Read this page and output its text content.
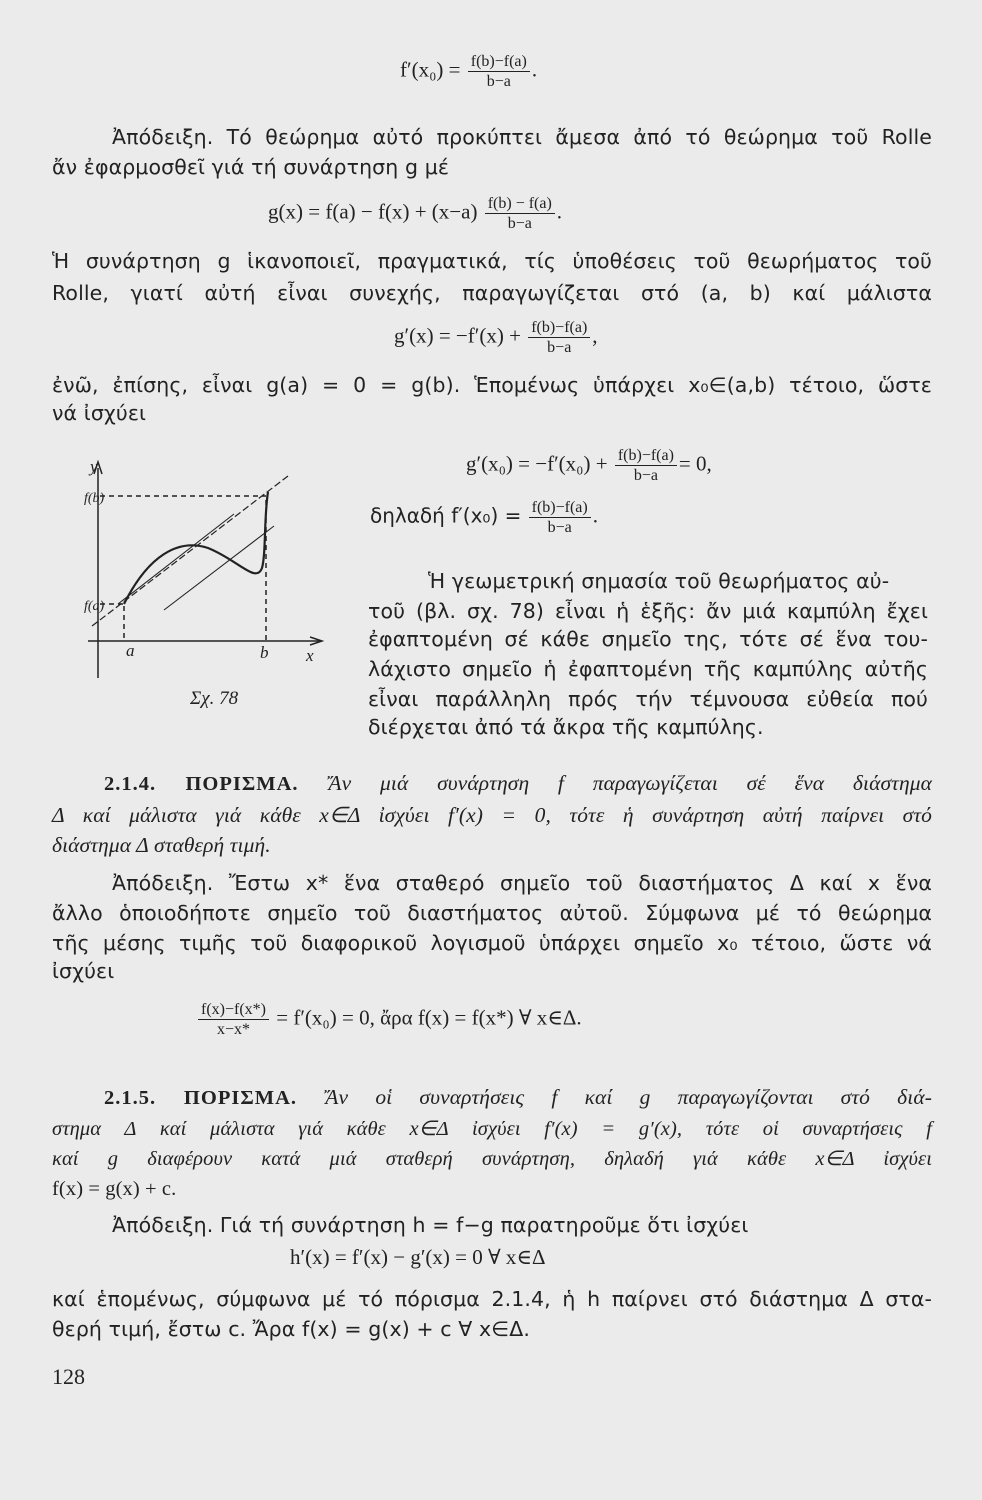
$f'(x_0) = \frac{f(b)-f(a)}{b-a}$ .
Ἀπόδειξη. Τό θεώρημα αὐτό προκύπτει ἄμεσα ἀπό τό θεώρημα τοῦ Rolle
ἄν ἐφαρμοσθεῖ γιά τή συνάρτηση g μέ
$g(x) = f(a) - f(x) + (x-a) \frac{f(b) - f(a)}{b-a}$ .
Ἡ συνάρτηση g ἱκανοποιεῖ, πραγματικά, τίς ὑποθέσεις τοῦ θεωρήματος τοῦ
Rolle, γιατί αὐτή εἶναι συνεχής, παραγωγίζεται στό (a, b) καί μάλιστα
$g'(x) = -f'(x) + \frac{f(b)-f(a)}{b-a}$ ,
ἐνῶ, ἐπίσης, εἶναι g(a) = 0 = g(b). Ἑπομένως ὑπάρχει x₀∈(a,b) τέτοιο, ὥστε
νά ἰσχύει
$g'(x_0) = -f'(x_0) + \frac{f(b)-f(a)}{b-a} = 0$,
δηλαδή $f'(x_0) = \frac{f(b)-f(a)}{b-a}$ .
Ἡ γεωμετρική σημασία τοῦ θεωρήματος αὐ-
τοῦ (βλ. σχ. 78) εἶναι ἡ ἑξῆς: ἄν μιά καμπύλη ἔχει
ἐφαπτομένη σέ κάθε σημεῖο της, τότε σέ ἕνα του-
λάχιστο σημεῖο ἡ ἐφαπτομένη τῆς καμπύλης αὐτῆς
εἶναι παράλληλη πρός τήν τέμνουσα εὐθεία πού
διέρχεται ἀπό τά ἄκρα τῆς καμπύλης.
y
x
f(b)
f(a)
a	b
Σχ. 78
2.1.4. ΠΟΡΙΣΜΑ. Ἄν μιά συνάρτηση f παραγωγίζεται σέ ἕνα διάστημα
Δ καί μάλιστα γιά κάθε x∈Δ ἰσχύει f′(x) = 0, τότε ἡ συνάρτηση αὐτή παίρνει στό
διάστημα Δ σταθερή τιμή.
Ἀπόδειξη. Ἔστω x* ἕνα σταθερό σημεῖο τοῦ διαστήματος Δ καί x ἕνα
ἄλλο ὁποιοδήποτε σημεῖο τοῦ διαστήματος αὐτοῦ. Σύμφωνα μέ τό θεώρημα
τῆς μέσης τιμῆς τοῦ διαφορικοῦ λογισμοῦ ὑπάρχει σημεῖο x₀ τέτοιο, ὥστε νά
ἰσχύει
$\frac{f(x)-f(x*)}{x-x*} = f'(x_0) = 0$, ἄρα f(x) = f(x*) ∀ x∈Δ.
2.1.5. ΠΟΡΙΣΜΑ. Ἄν οἱ συναρτήσεις f καί g παραγωγίζονται στό διά-
στημα Δ καί μάλιστα γιά κάθε x∈Δ ἰσχύει f′(x) = g′(x), τότε οἱ συναρτήσεις f
καί g διαφέρουν κατά μιά σταθερή συνάρτηση, δηλαδή γιά κάθε x∈Δ ἰσχύει
f(x) = g(x) + c.
Ἀπόδειξη. Γιά τή συνάρτηση h = f−g παρατηροῦμε ὅτι ἰσχύει
h′(x) = f′(x) − g′(x) = 0 ∀ x∈Δ
καί ἑπομένως, σύμφωνα μέ τό πόρισμα 2.1.4, ἡ h παίρνει στό διάστημα Δ στα-
θερή τιμή, ἔστω c. Ἄρα f(x) = g(x) + c ∀ x∈Δ.
128
